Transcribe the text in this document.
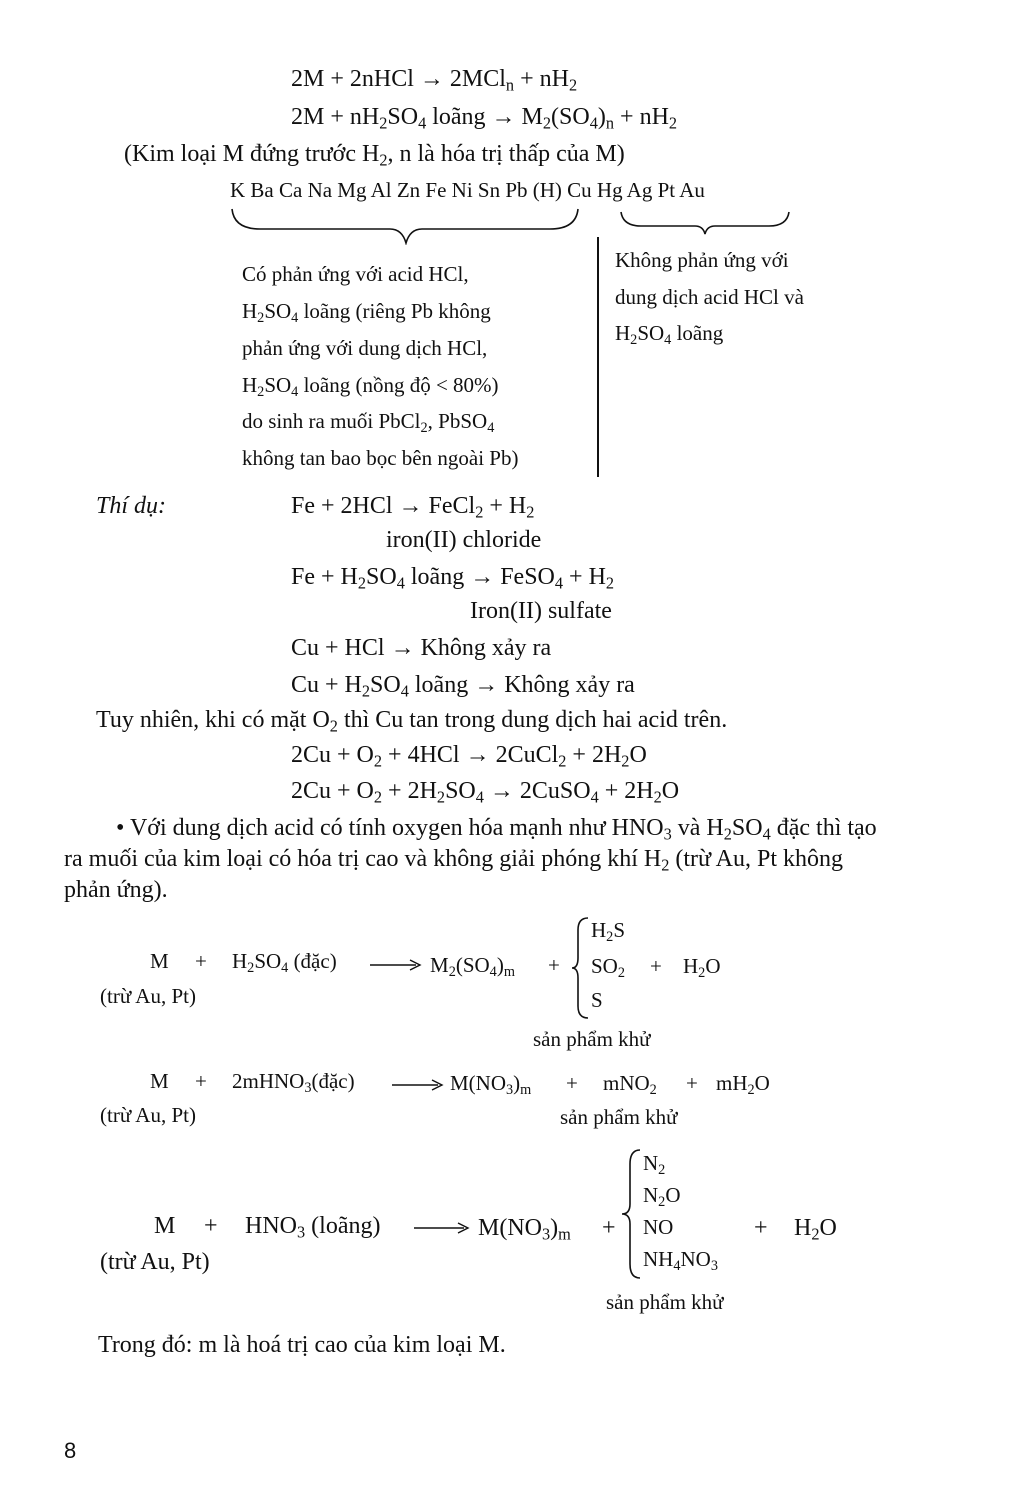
2M + 2nHCl → $2MCl_n + nH_2$
$2M + nH_2SO_4$ loãng → $M_2(SO_4)_n + nH_2$
(Kim loại M đứng trước $H_2$, n là hóa trị thấp của M)
K Ba Ca Na Mg Al Zn Fe Ni Sn Pb (H) Cu Hg Ag Pt Au
Có phản ứng với acid HCl,
$H_2SO_4$ loãng (riêng Pb không
phản ứng với dung dịch HCl,
$H_2SO_4$ loãng (nồng độ < 80%)
do sinh ra muối PbCl$_2$, PbSO$_4$
không tan bao bọc bên ngoài Pb)
Không phản ứng với
dung dịch acid HCl và
$H_2SO_4$ loãng
Thí dụ:	Fe + 2HCl → FeCl$_2$ + $H_2$
iron(II) chloride
$Fe + H_2SO_4$ loãng → FeSO$_4$ + $H_2$
Iron(II) sulfate
Cu + HCl → Không xảy ra
$Cu + H_2SO_4$ loãng → Không xảy ra
Tuy nhiên, khi có mặt $O_2$ thì Cu tan trong dung dịch hai acid trên.
$2Cu + O_2 + 4HCl$ → 2CuCl$_2$ + $2H_2O$
$2Cu + O_2 + 2H_2SO_4$ → 2CuSO$_4$ + $2H_2O$
• Với dung dịch acid có tính oxygen hóa mạnh như $HNO_3$ và $H_2SO_4$ đặc thì tạo
ra muối của kim loại có hóa trị cao và không giải phóng khí $H_2$ (trừ Au, Pt không
phản ứng).
$M + H_2SO_4$ (đặc) → $M_2(SO_4)_m$ +
$H_2S$
$SO_2$
S
+ $H_2O$
(trừ Au, Pt)
sản phẩm khử
M + 2mHNO$_3$(đặc) → $M(NO_3)_m + mNO_2 + mH_2O$
(trừ Au, Pt)	sản phẩm khử
$M + HNO_3$ (loãng) → $M(NO_3)_m$ +
$N_2$
$N_2O$
NO
$NH_4NO_3$
+ $H_2O$
(trừ Au, Pt)
sản phẩm khử
Trong đó: m là hoá trị cao của kim loại M.
8
